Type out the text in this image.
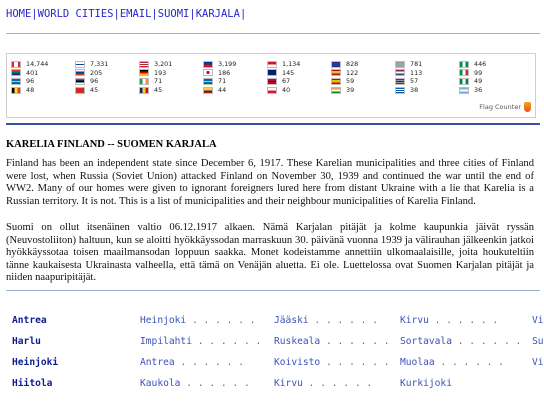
HOME|WORLD CITIES|EMAIL|SUOMI|KARJALA|
14,744	7,331	3,201	3,199	1,134	828	781	446
401	205	193	186	145	122	113	99
96	96	71	71	67	59	57	49
48	45	45	44	40	39	38	36
Flag Counter
KARELIA FINLAND -- SUOMEN KARJALA
Finland has been an independent state since December 6, 1917. These Karelian municipalities and three cities of Finland were lost, when Russia (Soviet Union) attacked Finland on November 30, 1939 and continued the war until the end of WW2. Many of our homes were given to ignorant foreigners lured here from distant Ukraine with a lie that Karelia is a Russian territory. It is not. This is a list of municipalities and their neighbour municipalities of Karelia Finland.
Suomi on ollut itsenäinen valtio 06.12.1917 alkaen. Nämä Karjalan pitäjät ja kolme kaupunkia jäivät ryssän (Neuvostoliiton) haltuun, kun se aloitti hyökkäyssodan marraskuun 30. päivänä vuonna 1939 ja välirauhan jälkeenkin jatkoi hyökkäyssotaa toisen maailmansodan loppuun saakka. Monet kodeistamme annettiin ulkomaalaisille, joita houkuteltiin tänne kaukaisesta Ukrainasta valheella, että tämä on Venäjän aluetta. Ei ole. Luettelossa ovat Suomen Karjalan pitäjät ja niiden naapuripitäjät.
Antrea	Heinjoki . . . . . . Jääski . . . . . . Kirvu . . . . . .	Vi
Harlu	Impilahti . . . . . . Ruskeala . . . . . . Sortavala . . . . . . Su
Heinjoki	Antrea . . . . . .	Koivisto . . . . . . Muolaa . . . . . .	Vi
Hiitola	Kaukola . . . . . .	Kirvu . . . . . .	Kurkijoki
